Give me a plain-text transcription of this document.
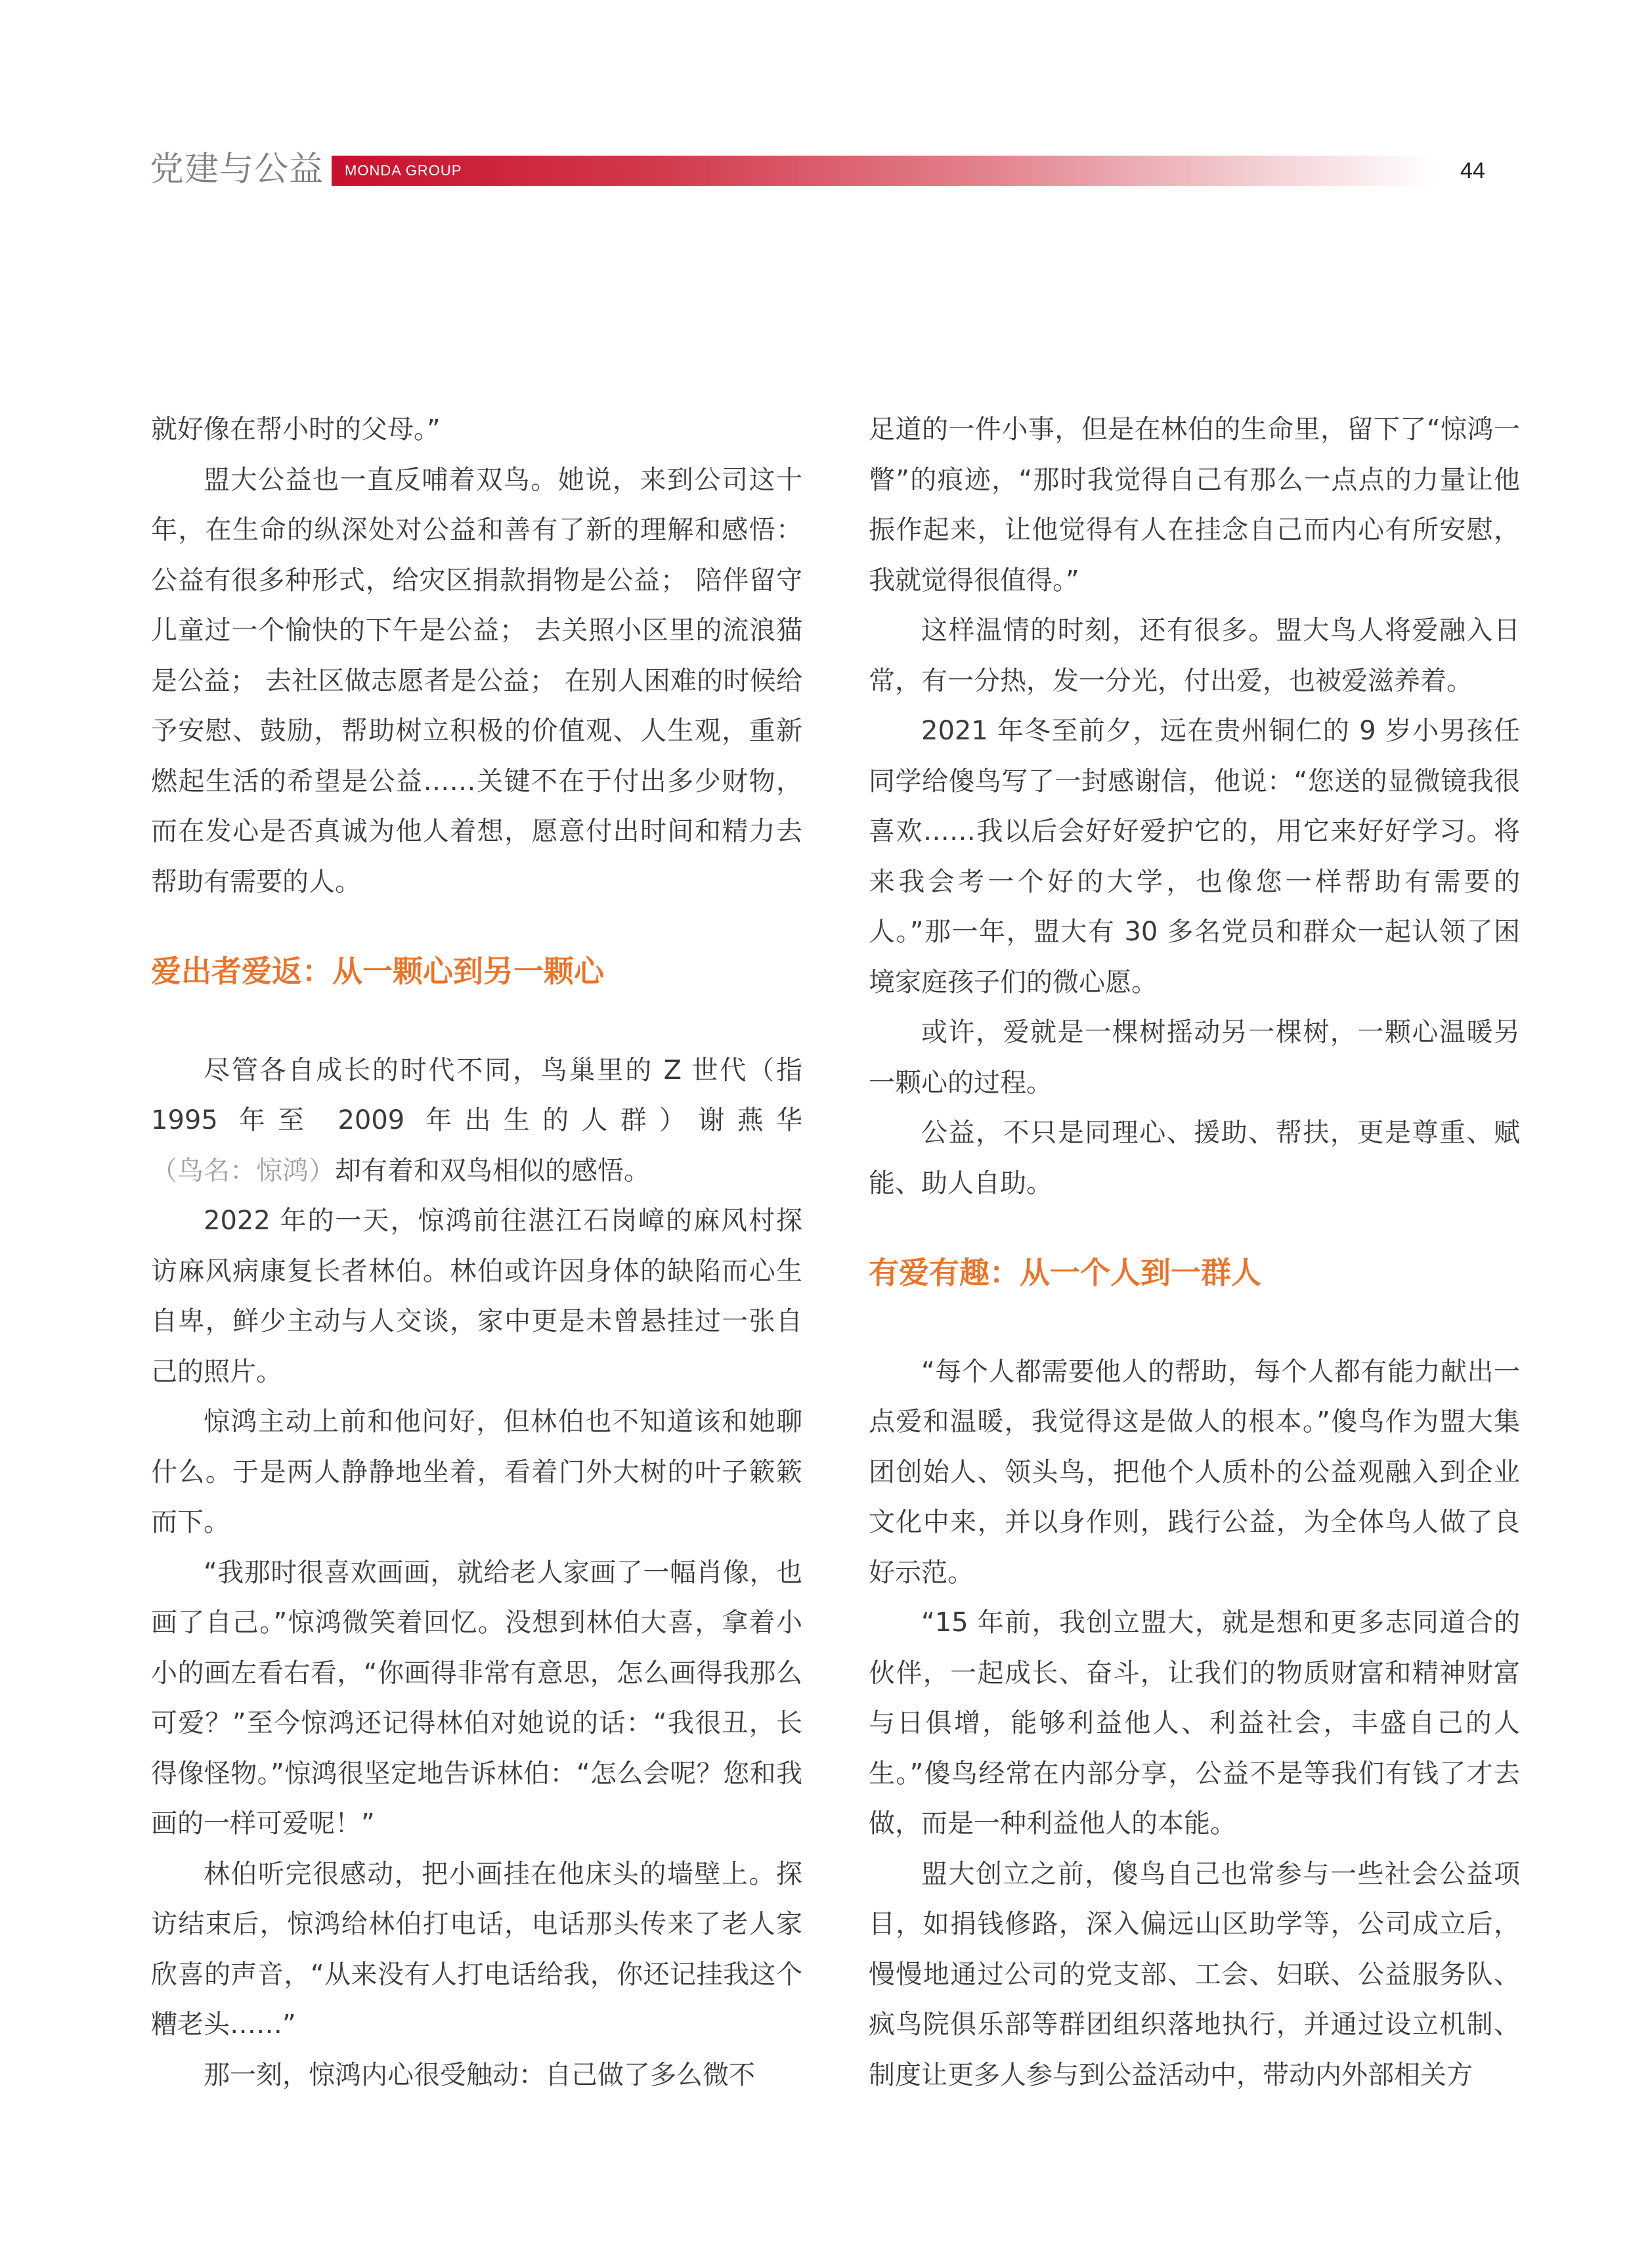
党建与公益 MONDA GROUP	44

就好像在帮小时的父母。”

盟大公益也一直反哺着双鸟。她说，来到公司这十年，在生命的纵深处对公益和善有了新的理解和感悟：公益有很多种形式，给灾区捐款捐物是公益； 陪伴留守儿童过一个愉快的下午是公益； 去关照小区里的流浪猫是公益； 去社区做志愿者是公益； 在别人困难的时候给予安慰、鼓励，帮助树立积极的价值观、人生观，重新燃起生活的希望是公益……关键不在于付出多少财物，而在发心是否真诚为他人着想，愿意付出时间和精力去帮助有需要的人。

爱出者爱返：从一颗心到另一颗心

尽管各自成长的时代不同，鸟巢里的 Z 世代（指 1995 年至 2009 年出生的人群）谢燕华（鸟名：惊鸿）却有着和双鸟相似的感悟。

2022 年的一天，惊鸿前往湛江石岗嶂的麻风村探访麻风病康复长者林伯。林伯或许因身体的缺陷而心生自卑，鲜少主动与人交谈，家中更是未曾悬挂过一张自己的照片。

惊鸿主动上前和他问好，但林伯也不知道该和她聊什么。于是两人静静地坐着，看着门外大树的叶子簌簌而下。

“我那时很喜欢画画，就给老人家画了一幅肖像，也画了自己。”惊鸿微笑着回忆。没想到林伯大喜，拿着小小的画左看右看，“你画得非常有意思，怎么画得我那么可爱？”至今惊鸿还记得林伯对她说的话：“我很丑，长得像怪物。”惊鸿很坚定地告诉林伯：“怎么会呢？您和我画的一样可爱呢！”

林伯听完很感动，把小画挂在他床头的墙壁上。探访结束后，惊鸿给林伯打电话，电话那头传来了老人家欣喜的声音，“从来没有人打电话给我，你还记挂我这个糟老头……”

那一刻，惊鸿内心很受触动：自己做了多么微不

足道的一件小事，但是在林伯的生命里，留下了“惊鸿一瞥”的痕迹，“那时我觉得自己有那么一点点的力量让他振作起来，让他觉得有人在挂念自己而内心有所安慰，我就觉得很值得。”

这样温情的时刻，还有很多。盟大鸟人将爱融入日常，有一分热，发一分光，付出爱，也被爱滋养着。

2021 年冬至前夕，远在贵州铜仁的 9 岁小男孩任同学给傻鸟写了一封感谢信，他说：“您送的显微镜我很喜欢……我以后会好好爱护它的，用它来好好学习。将来我会考一个好的大学，也像您一样帮助有需要的人。”那一年，盟大有 30 多名党员和群众一起认领了困境家庭孩子们的微心愿。

或许，爱就是一棵树摇动另一棵树，一颗心温暖另一颗心的过程。

公益，不只是同理心、援助、帮扶，更是尊重、赋能、助人自助。

有爱有趣：从一个人到一群人

“每个人都需要他人的帮助，每个人都有能力献出一点爱和温暖，我觉得这是做人的根本。”傻鸟作为盟大集团创始人、领头鸟，把他个人质朴的公益观融入到企业文化中来，并以身作则，践行公益，为全体鸟人做了良好示范。

“15 年前，我创立盟大，就是想和更多志同道合的伙伴，一起成长、奋斗，让我们的物质财富和精神财富与日俱增，能够利益他人、利益社会，丰盛自己的人生。”傻鸟经常在内部分享，公益不是等我们有钱了才去做，而是一种利益他人的本能。

盟大创立之前，傻鸟自己也常参与一些社会公益项目，如捐钱修路，深入偏远山区助学等，公司成立后，慢慢地通过公司的党支部、工会、妇联、公益服务队、疯鸟院俱乐部等群团组织落地执行，并通过设立机制、制度让更多人参与到公益活动中，带动内外部相关方
